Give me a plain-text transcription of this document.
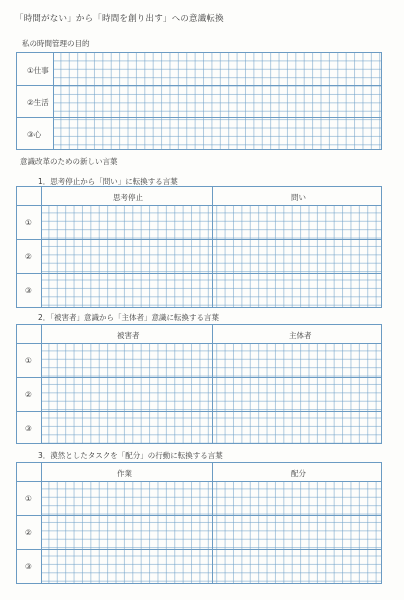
「時間がない」から「時間を創り出す」への意識転換
私の時間管理の目的
①仕事
②生活
③心
意識改革のための新しい言葉
1．思考停止から「問い」に転換する言葉
思考停止	問い
①
②
③
2．「被害者」意識から「主体者」意識に転換する言葉
被害者	主体者
①
②
③
3．漠然としたタスクを「配分」の行動に転換する言葉
作業	配分
①
②
③
